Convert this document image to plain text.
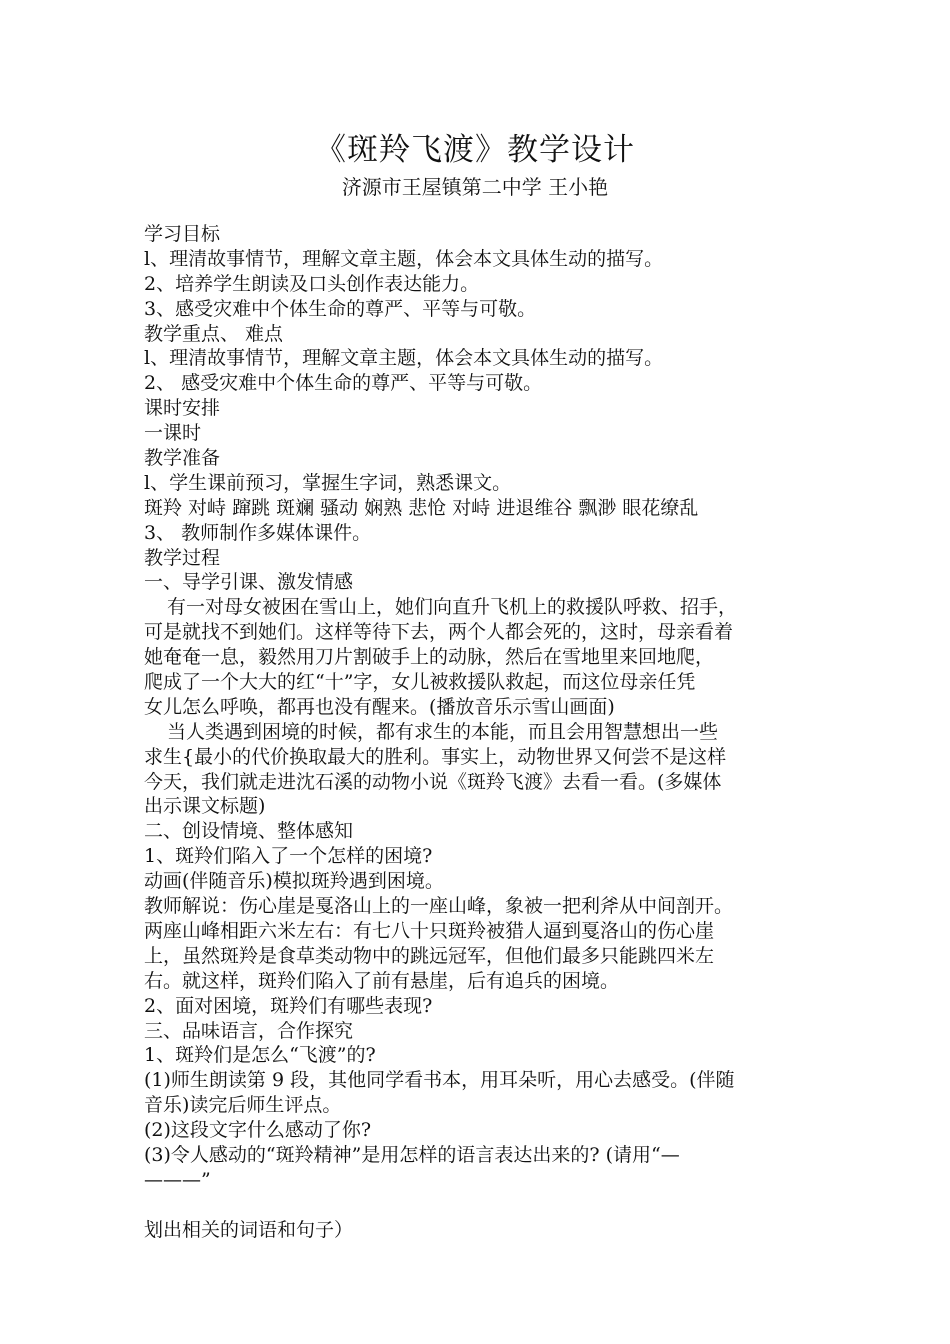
《斑羚飞渡》教学设计
济源市王屋镇第二中学 王小艳
学习目标
l、理清故事情节，理解文章主题，体会本文具体生动的描写。
2、培养学生朗读及口头创作表达能力。
3、感受灾难中个体生命的尊严、平等与可敬。
教学重点、 难点
l、理清故事情节，理解文章主题，体会本文具体生动的描写。
2、 感受灾难中个体生命的尊严、平等与可敬。
课时安排
一课时
教学准备
l、学生课前预习，掌握生字词，熟悉课文。
斑羚 对峙 蹿跳 斑斓 骚动 娴熟 悲怆 对峙 进退维谷 飘渺 眼花缭乱
3、 教师制作多媒体课件。
教学过程
一、导学引课、激发情感
有一对母女被困在雪山上，她们向直升飞机上的救援队呼救、招手，
可是就找不到她们。这样等待下去，两个人都会死的，这时，母亲看着
她奄奄一息，毅然用刀片割破手上的动脉，然后在雪地里来回地爬，
爬成了一个大大的红“十”字，女儿被救援队救起，而这位母亲任凭
女儿怎么呼唤，都再也没有醒来。(播放音乐示雪山画面)
当人类遇到困境的时候，都有求生的本能，而且会用智慧想出一些
求生{最小的代价换取最大的胜利。事实上，动物世界又何尝不是这样
今天，我们就走进沈石溪的动物小说《斑羚飞渡》去看一看。(多媒体
出示课文标题)
二、创设情境、整体感知
1、斑羚们陷入了一个怎样的困境?
动画(伴随音乐)模拟斑羚遇到困境。
教师解说：伤心崖是戛洛山上的一座山峰，象被一把利斧从中间剖开。
两座山峰相距六米左右：有七八十只斑羚被猎人逼到戛洛山的伤心崖
上，虽然斑羚是食草类动物中的跳远冠军，但他们最多只能跳四米左
右。就这样，斑羚们陷入了前有悬崖，后有追兵的困境。
2、面对困境，斑羚们有哪些表现?
三、品味语言，合作探究
1、斑羚们是怎么“飞渡”的?
(1)师生朗读第 9 段，其他同学看书本，用耳朵听，用心去感受。(伴随
音乐)读完后师生评点。
(2)这段文字什么感动了你?
(3)令人感动的“斑羚精神”是用怎样的语言表达出来的? (请用“—
———”
划出相关的词语和句子）
